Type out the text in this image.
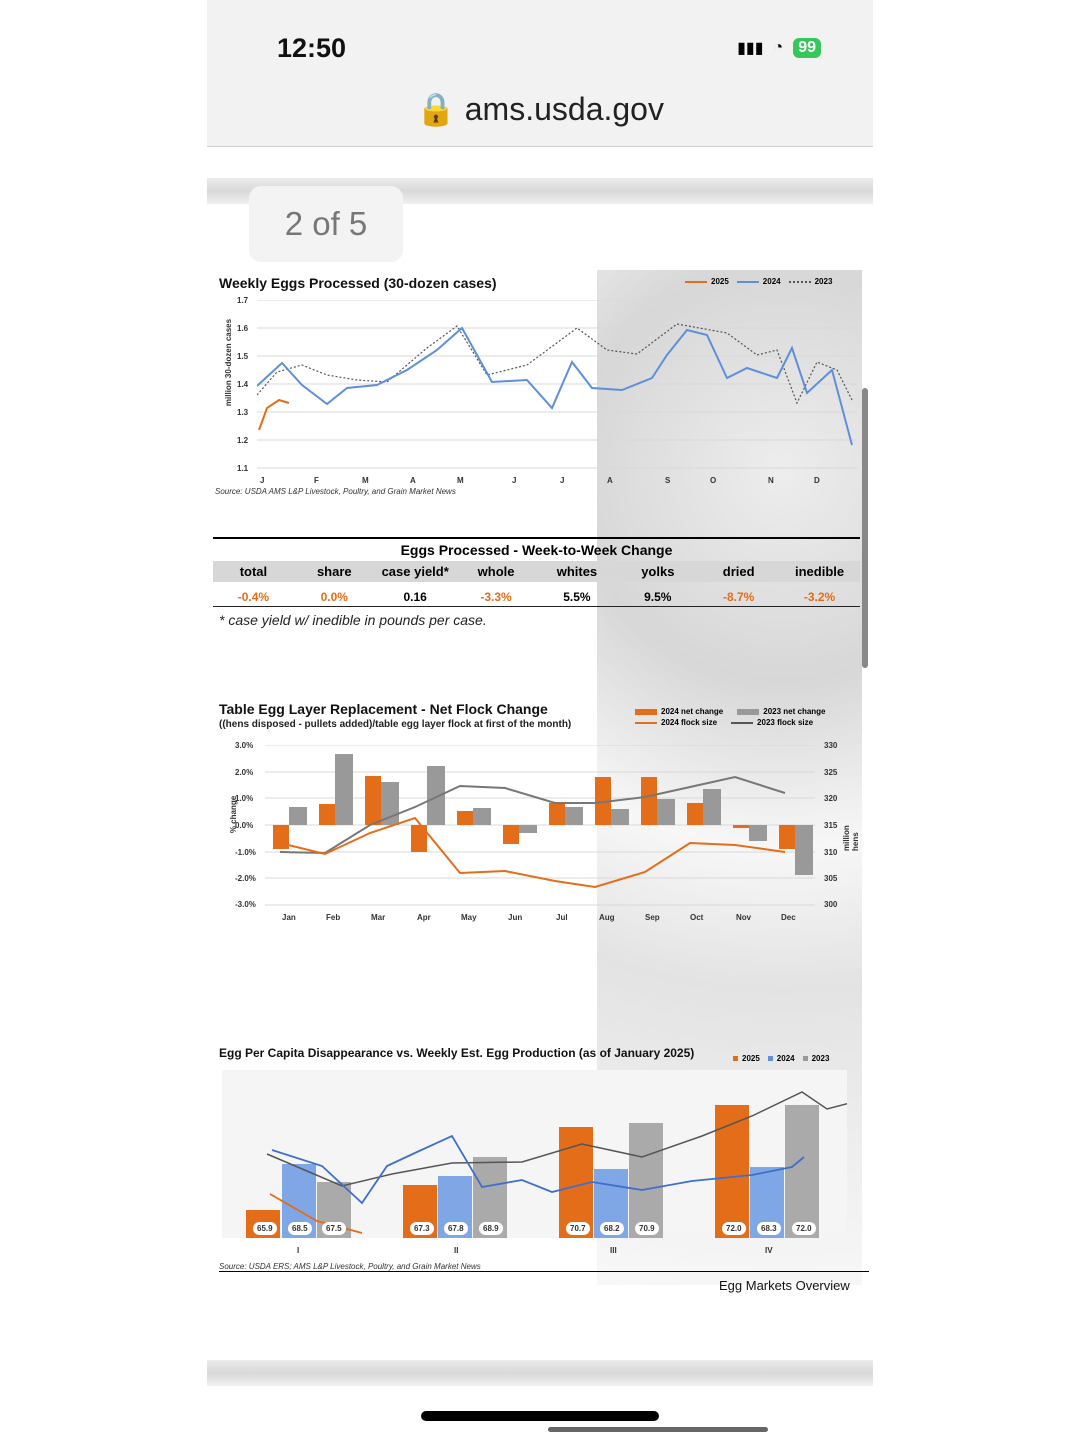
12:50	▮▮▮ ◔ 99
🔒 ams.usda.gov
2 of 5
Weekly Eggs Processed (30-dozen cases)	2025	2024	2023
million 30-dozen cases
1.7
1.6
1.5
1.4
1.3
1.2
1.1
J	F	M	A	M	J	J	A	S	O	N	D
Source: USDA AMS L&P Livestock, Poultry, and Grain Market News
Eggs Processed - Week-to-Week Change
total	share	case yield*	whole	whites	yolks	dried	inedible
-0.4%	0.0%	0.16	-3.3%	5.5%	9.5%	-8.7%	-3.2%
* case yield w/ inedible in pounds per case.
Table Egg Layer Replacement - Net Flock Change
((hens disposed - pullets added)/table egg layer flock at first of the month)
2024 net change	2023 net change
2024 flock size	2023 flock size
% change
million hens
3.0%
2.0%
1.0%
0.0%
-1.0%
-2.0%
-3.0%
330
325
320
315
310
305
300
Jan	Feb	Mar	Apr	May	Jun	Jul	Aug	Sep	Oct	Nov	Dec
Egg Per Capita Disappearance vs. Weekly Est. Egg Production (as of January 2025)	2025	2024	2023
65.9	68.5	67.5	67.3	67.8	68.9	70.7	68.2	70.9	72.0	68.3	72.0
I	II	III	IV
Source: USDA ERS; AMS L&P Livestock, Poultry, and Grain Market News
Egg Markets Overview
